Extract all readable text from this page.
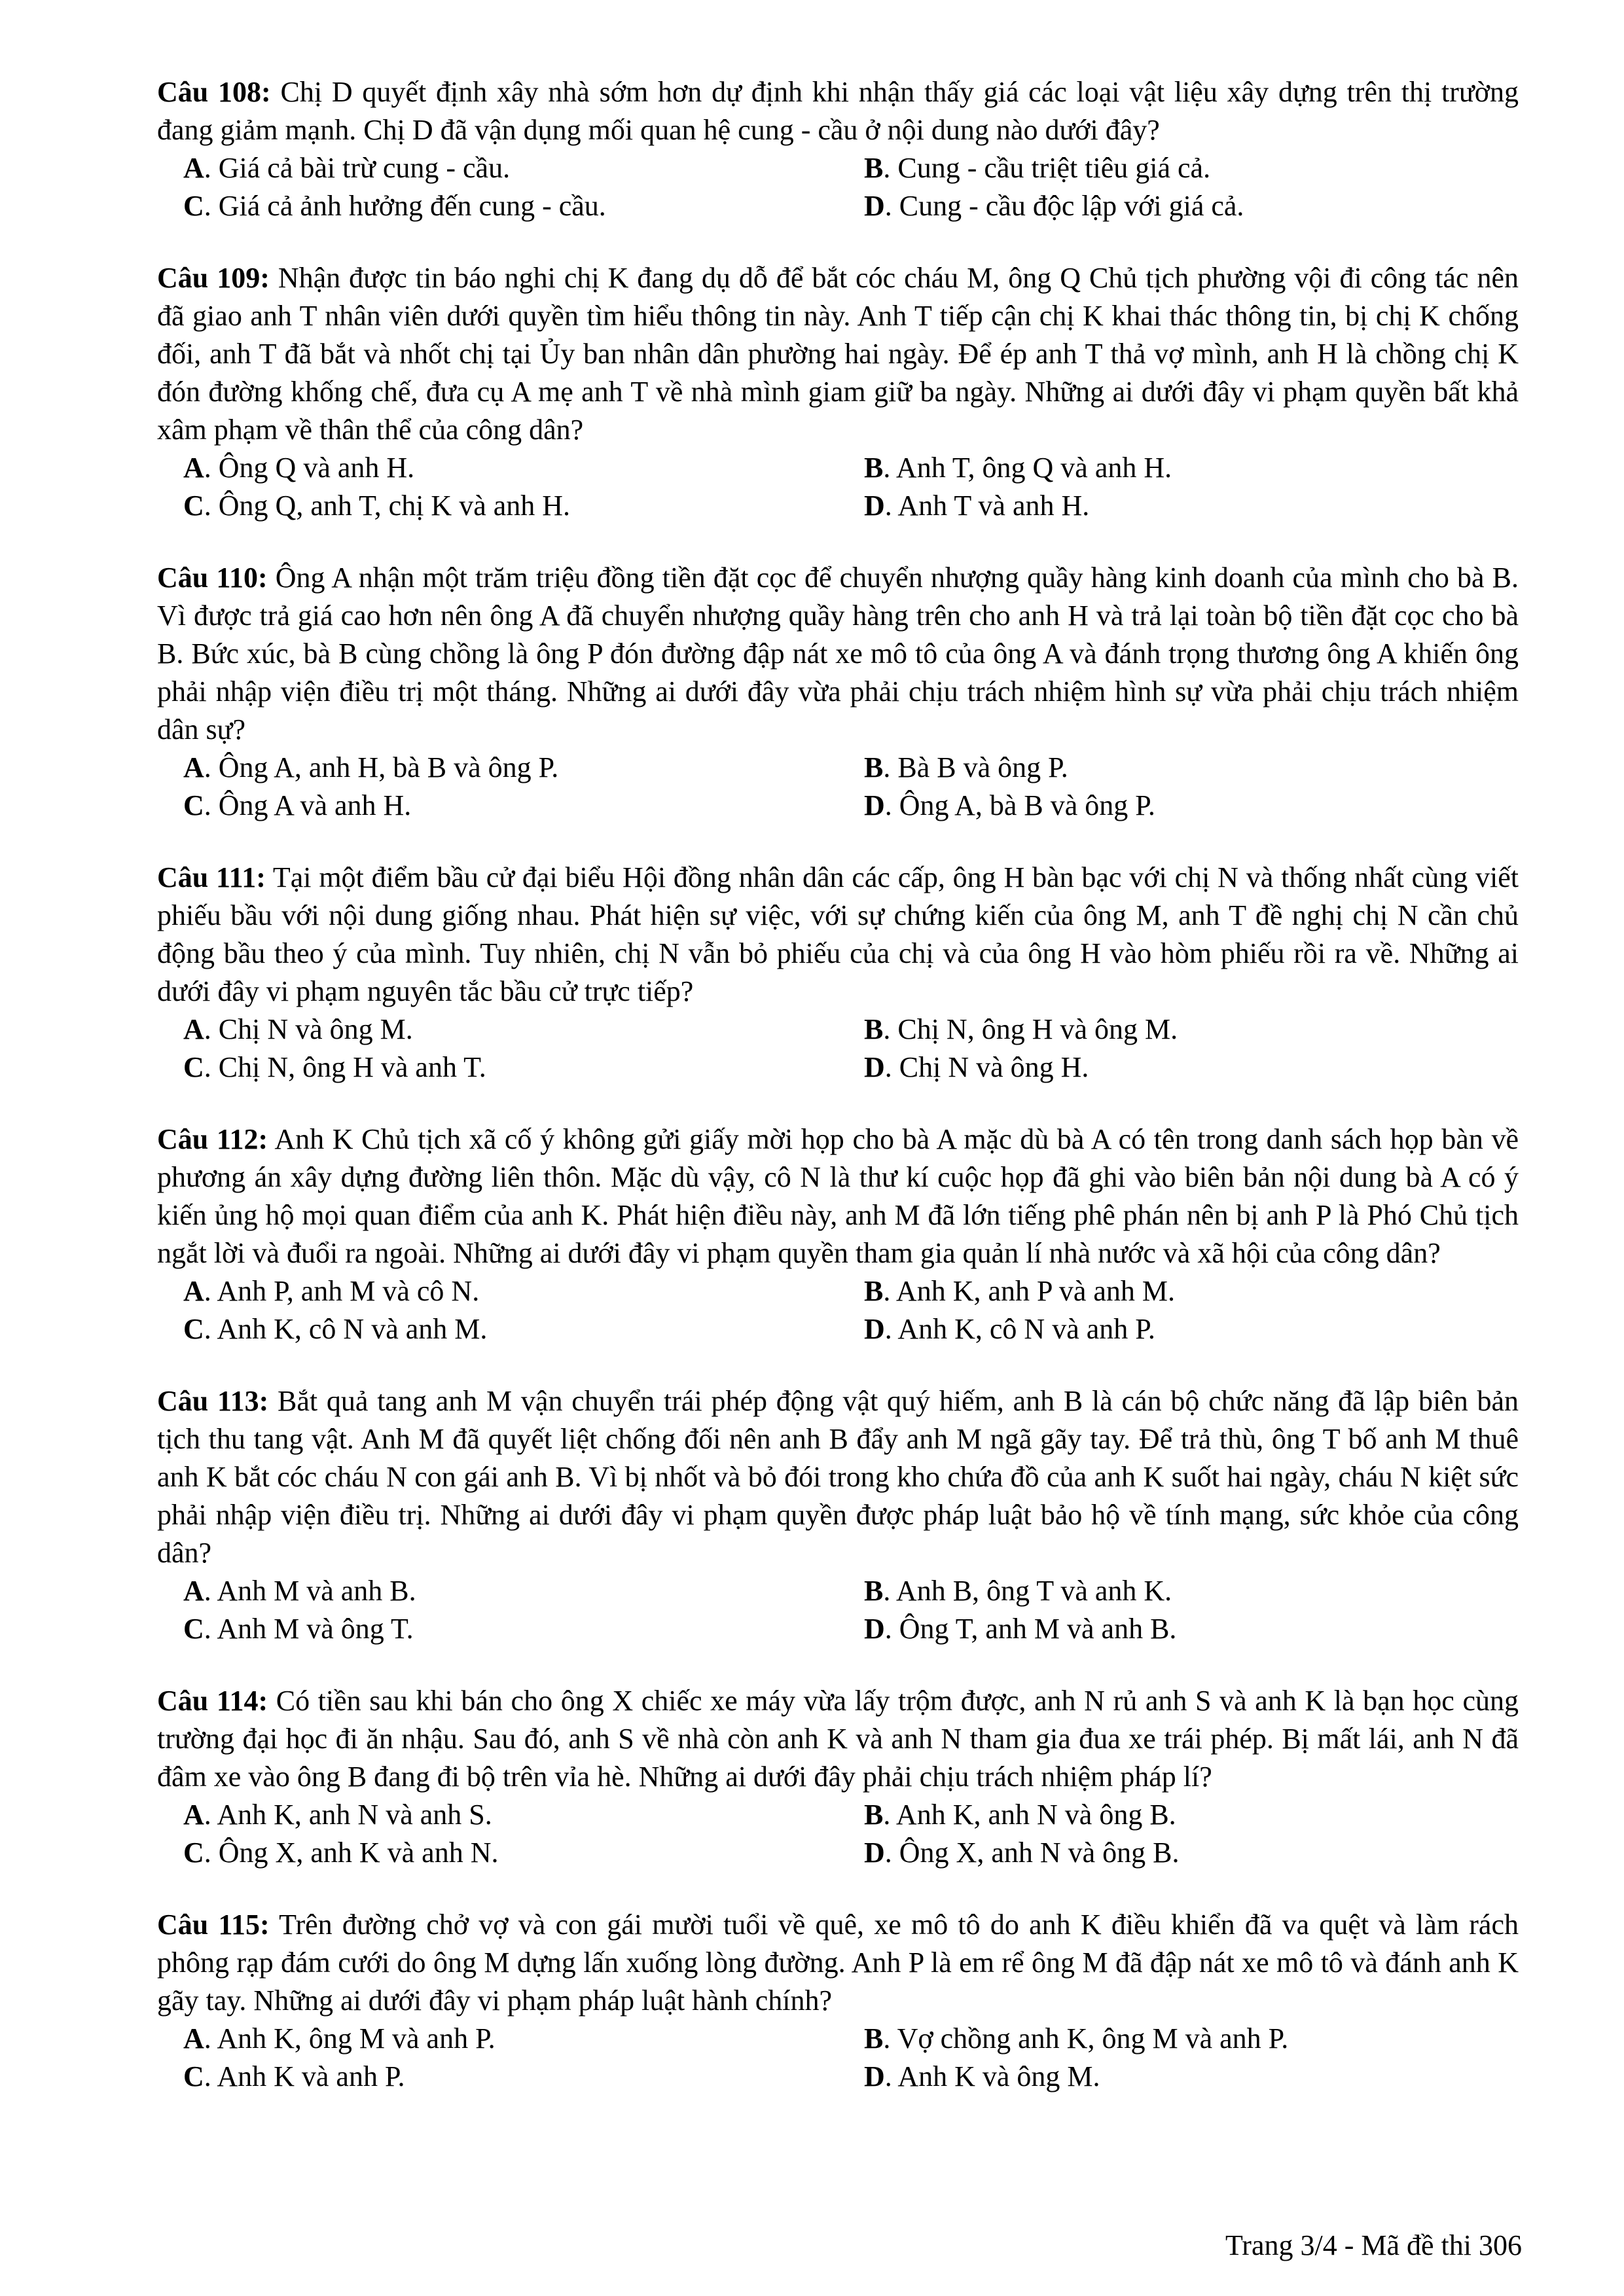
Câu 108: Chị D quyết định xây nhà sớm hơn dự định khi nhận thấy giá các loại vật liệu xây dựng trên thị trường đang giảm mạnh. Chị D đã vận dụng mối quan hệ cung - cầu ở nội dung nào dưới đây?
A. Giá cả bài trừ cung - cầu.	B. Cung - cầu triệt tiêu giá cả.
C. Giá cả ảnh hưởng đến cung - cầu.	D. Cung - cầu độc lập với giá cả.
Câu 109: Nhận được tin báo nghi chị K đang dụ dỗ để bắt cóc cháu M, ông Q Chủ tịch phường vội đi công tác nên đã giao anh T nhân viên dưới quyền tìm hiểu thông tin này. Anh T tiếp cận chị K khai thác thông tin, bị chị K chống đối, anh T đã bắt và nhốt chị tại Ủy ban nhân dân phường hai ngày. Để ép anh T thả vợ mình, anh H là chồng chị K đón đường khống chế, đưa cụ A mẹ anh T về nhà mình giam giữ ba ngày. Những ai dưới đây vi phạm quyền bất khả xâm phạm về thân thể của công dân?
A. Ông Q và anh H.	B. Anh T, ông Q và anh H.
C. Ông Q, anh T, chị K và anh H.	D. Anh T và anh H.
Câu 110: Ông A nhận một trăm triệu đồng tiền đặt cọc để chuyển nhượng quầy hàng kinh doanh của mình cho bà B. Vì được trả giá cao hơn nên ông A đã chuyển nhượng quầy hàng trên cho anh H và trả lại toàn bộ tiền đặt cọc cho bà B. Bức xúc, bà B cùng chồng là ông P đón đường đập nát xe mô tô của ông A và đánh trọng thương ông A khiến ông phải nhập viện điều trị một tháng. Những ai dưới đây vừa phải chịu trách nhiệm hình sự vừa phải chịu trách nhiệm dân sự?
A. Ông A, anh H, bà B và ông P.	B. Bà B và ông P.
C. Ông A và anh H.	D. Ông A, bà B và ông P.
Câu 111: Tại một điểm bầu cử đại biểu Hội đồng nhân dân các cấp, ông H bàn bạc với chị N và thống nhất cùng viết phiếu bầu với nội dung giống nhau. Phát hiện sự việc, với sự chứng kiến của ông M, anh T đề nghị chị N cần chủ động bầu theo ý của mình. Tuy nhiên, chị N vẫn bỏ phiếu của chị và của ông H vào hòm phiếu rồi ra về. Những ai dưới đây vi phạm nguyên tắc bầu cử trực tiếp?
A. Chị N và ông M.	B. Chị N, ông H và ông M.
C. Chị N, ông H và anh T.	D. Chị N và ông H.
Câu 112: Anh K Chủ tịch xã cố ý không gửi giấy mời họp cho bà A mặc dù bà A có tên trong danh sách họp bàn về phương án xây dựng đường liên thôn. Mặc dù vậy, cô N là thư kí cuộc họp đã ghi vào biên bản nội dung bà A có ý kiến ủng hộ mọi quan điểm của anh K. Phát hiện điều này, anh M đã lớn tiếng phê phán nên bị anh P là Phó Chủ tịch ngắt lời và đuổi ra ngoài. Những ai dưới đây vi phạm quyền tham gia quản lí nhà nước và xã hội của công dân?
A. Anh P, anh M và cô N.	B. Anh K, anh P và anh M.
C. Anh K, cô N và anh M.	D. Anh K, cô N và anh P.
Câu 113: Bắt quả tang anh M vận chuyển trái phép động vật quý hiếm, anh B là cán bộ chức năng đã lập biên bản tịch thu tang vật. Anh M đã quyết liệt chống đối nên anh B đẩy anh M ngã gãy tay. Để trả thù, ông T bố anh M thuê anh K bắt cóc cháu N con gái anh B. Vì bị nhốt và bỏ đói trong kho chứa đồ của anh K suốt hai ngày, cháu N kiệt sức phải nhập viện điều trị. Những ai dưới đây vi phạm quyền được pháp luật bảo hộ về tính mạng, sức khỏe của công dân?
A. Anh M và anh B.	B. Anh B, ông T và anh K.
C. Anh M và ông T.	D. Ông T, anh M và anh B.
Câu 114: Có tiền sau khi bán cho ông X chiếc xe máy vừa lấy trộm được, anh N rủ anh S và anh K là bạn học cùng trường đại học đi ăn nhậu. Sau đó, anh S về nhà còn anh K và anh N tham gia đua xe trái phép. Bị mất lái, anh N đã đâm xe vào ông B đang đi bộ trên vỉa hè. Những ai dưới đây phải chịu trách nhiệm pháp lí?
A. Anh K, anh N và anh S.	B. Anh K, anh N và ông B.
C. Ông X, anh K và anh N.	D. Ông X, anh N và ông B.
Câu 115: Trên đường chở vợ và con gái mười tuổi về quê, xe mô tô do anh K điều khiển đã va quệt và làm rách phông rạp đám cưới do ông M dựng lấn xuống lòng đường. Anh P là em rể ông M đã đập nát xe mô tô và đánh anh K gãy tay. Những ai dưới đây vi phạm pháp luật hành chính?
A. Anh K, ông M và anh P.	B. Vợ chồng anh K, ông M và anh P.
C. Anh K và anh P.	D. Anh K và ông M.
Trang 3/4 - Mã đề thi 306
